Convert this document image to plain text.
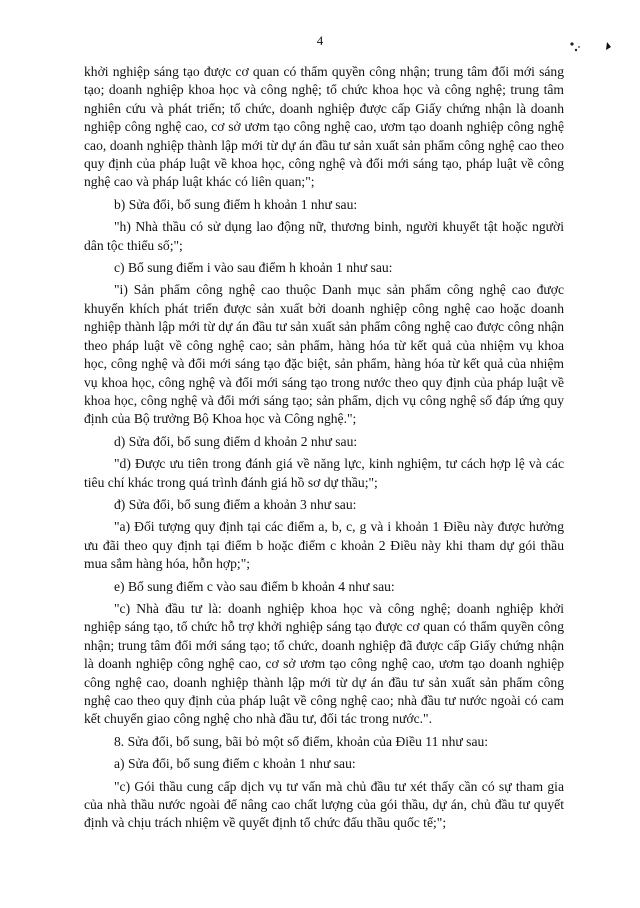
4

khởi nghiệp sáng tạo được cơ quan có thẩm quyền công nhận; trung tâm đổi mới sáng tạo; doanh nghiệp khoa học và công nghệ; tổ chức khoa học và công nghệ; trung tâm nghiên cứu và phát triển; tổ chức, doanh nghiệp được cấp Giấy chứng nhận là doanh nghiệp công nghệ cao, cơ sở ươm tạo công nghệ cao, ươm tạo doanh nghiệp công nghệ cao, doanh nghiệp thành lập mới từ dự án đầu tư sản xuất sản phẩm công nghệ cao theo quy định của pháp luật về khoa học, công nghệ và đổi mới sáng tạo, pháp luật về công nghệ cao và pháp luật khác có liên quan;";

b) Sửa đổi, bổ sung điểm h khoản 1 như sau:

"h) Nhà thầu có sử dụng lao động nữ, thương binh, người khuyết tật hoặc người dân tộc thiểu số;";

c) Bổ sung điểm i vào sau điểm h khoản 1 như sau:

"i) Sản phẩm công nghệ cao thuộc Danh mục sản phẩm công nghệ cao được khuyến khích phát triển được sản xuất bởi doanh nghiệp công nghệ cao hoặc doanh nghiệp thành lập mới từ dự án đầu tư sản xuất sản phẩm công nghệ cao được công nhận theo pháp luật về công nghệ cao; sản phẩm, hàng hóa từ kết quả của nhiệm vụ khoa học, công nghệ và đổi mới sáng tạo đặc biệt, sản phẩm, hàng hóa từ kết quả của nhiệm vụ khoa học, công nghệ và đổi mới sáng tạo trong nước theo quy định của pháp luật về khoa học, công nghệ và đổi mới sáng tạo; sản phẩm, dịch vụ công nghệ số đáp ứng quy định của Bộ trưởng Bộ Khoa học và Công nghệ.";

d) Sửa đổi, bổ sung điểm d khoản 2 như sau:

"d) Được ưu tiên trong đánh giá về năng lực, kinh nghiệm, tư cách hợp lệ và các tiêu chí khác trong quá trình đánh giá hồ sơ dự thầu;";

đ) Sửa đổi, bổ sung điểm a khoản 3 như sau:

"a) Đối tượng quy định tại các điểm a, b, c, g và i khoản 1 Điều này được hưởng ưu đãi theo quy định tại điểm b hoặc điểm c khoản 2 Điều này khi tham dự gói thầu mua sắm hàng hóa, hỗn hợp;";

e) Bổ sung điểm c vào sau điểm b khoản 4 như sau:

"c) Nhà đầu tư là: doanh nghiệp khoa học và công nghệ; doanh nghiệp khởi nghiệp sáng tạo, tổ chức hỗ trợ khởi nghiệp sáng tạo được cơ quan có thẩm quyền công nhận; trung tâm đổi mới sáng tạo; tổ chức, doanh nghiệp đã được cấp Giấy chứng nhận là doanh nghiệp công nghệ cao, cơ sở ươm tạo công nghệ cao, ươm tạo doanh nghiệp công nghệ cao, doanh nghiệp thành lập mới từ dự án đầu tư sản xuất sản phẩm công nghệ cao theo quy định của pháp luật về công nghệ cao; nhà đầu tư nước ngoài có cam kết chuyển giao công nghệ cho nhà đầu tư, đối tác trong nước.".

8. Sửa đổi, bổ sung, bãi bỏ một số điểm, khoản của Điều 11 như sau:

a) Sửa đổi, bổ sung điểm c khoản 1 như sau:

"c) Gói thầu cung cấp dịch vụ tư vấn mà chủ đầu tư xét thấy cần có sự tham gia của nhà thầu nước ngoài để nâng cao chất lượng của gói thầu, dự án, chủ đầu tư quyết định và chịu trách nhiệm về quyết định tổ chức đấu thầu quốc tế;";
